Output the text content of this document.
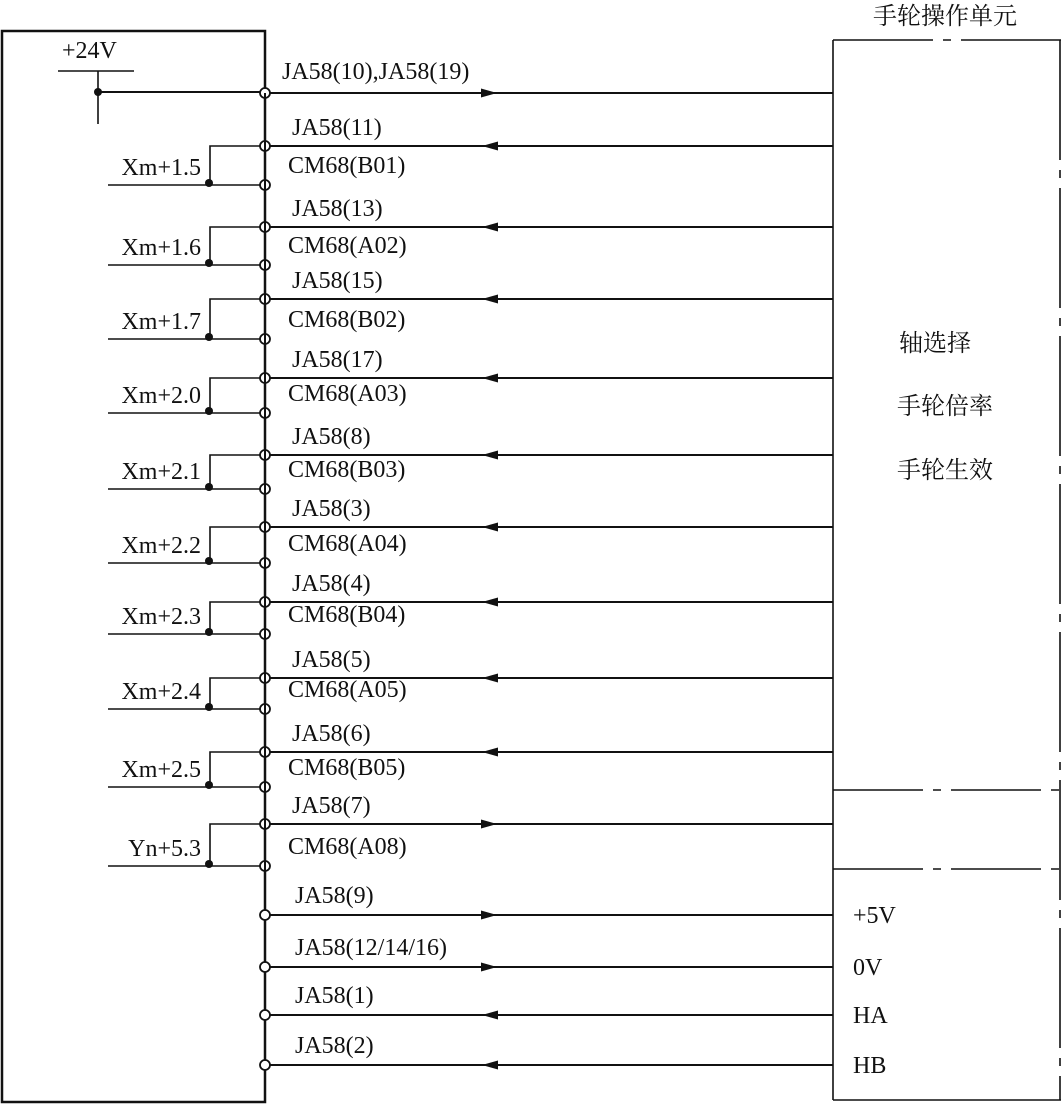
手轮操作单元
+24V
JA58(10),JA58(19)
轴选择
手轮倍率
手轮生效
JA58(11)
CM68(B01)
Xm+1.5
JA58(13)
CM68(A02)
Xm+1.6
JA58(15)
CM68(B02)
Xm+1.7
JA58(17)
CM68(A03)
Xm+2.0
JA58(8)
CM68(B03)
Xm+2.1
JA58(3)
CM68(A04)
Xm+2.2
JA58(4)
CM68(B04)
Xm+2.3
JA58(5)
CM68(A05)
Xm+2.4
JA58(6)
CM68(B05)
Xm+2.5
JA58(7)
CM68(A08)
Yn+5.3
JA58(9)
+5V
JA58(12/14/16)
0V
JA58(1)
HA
JA58(2)
HB
